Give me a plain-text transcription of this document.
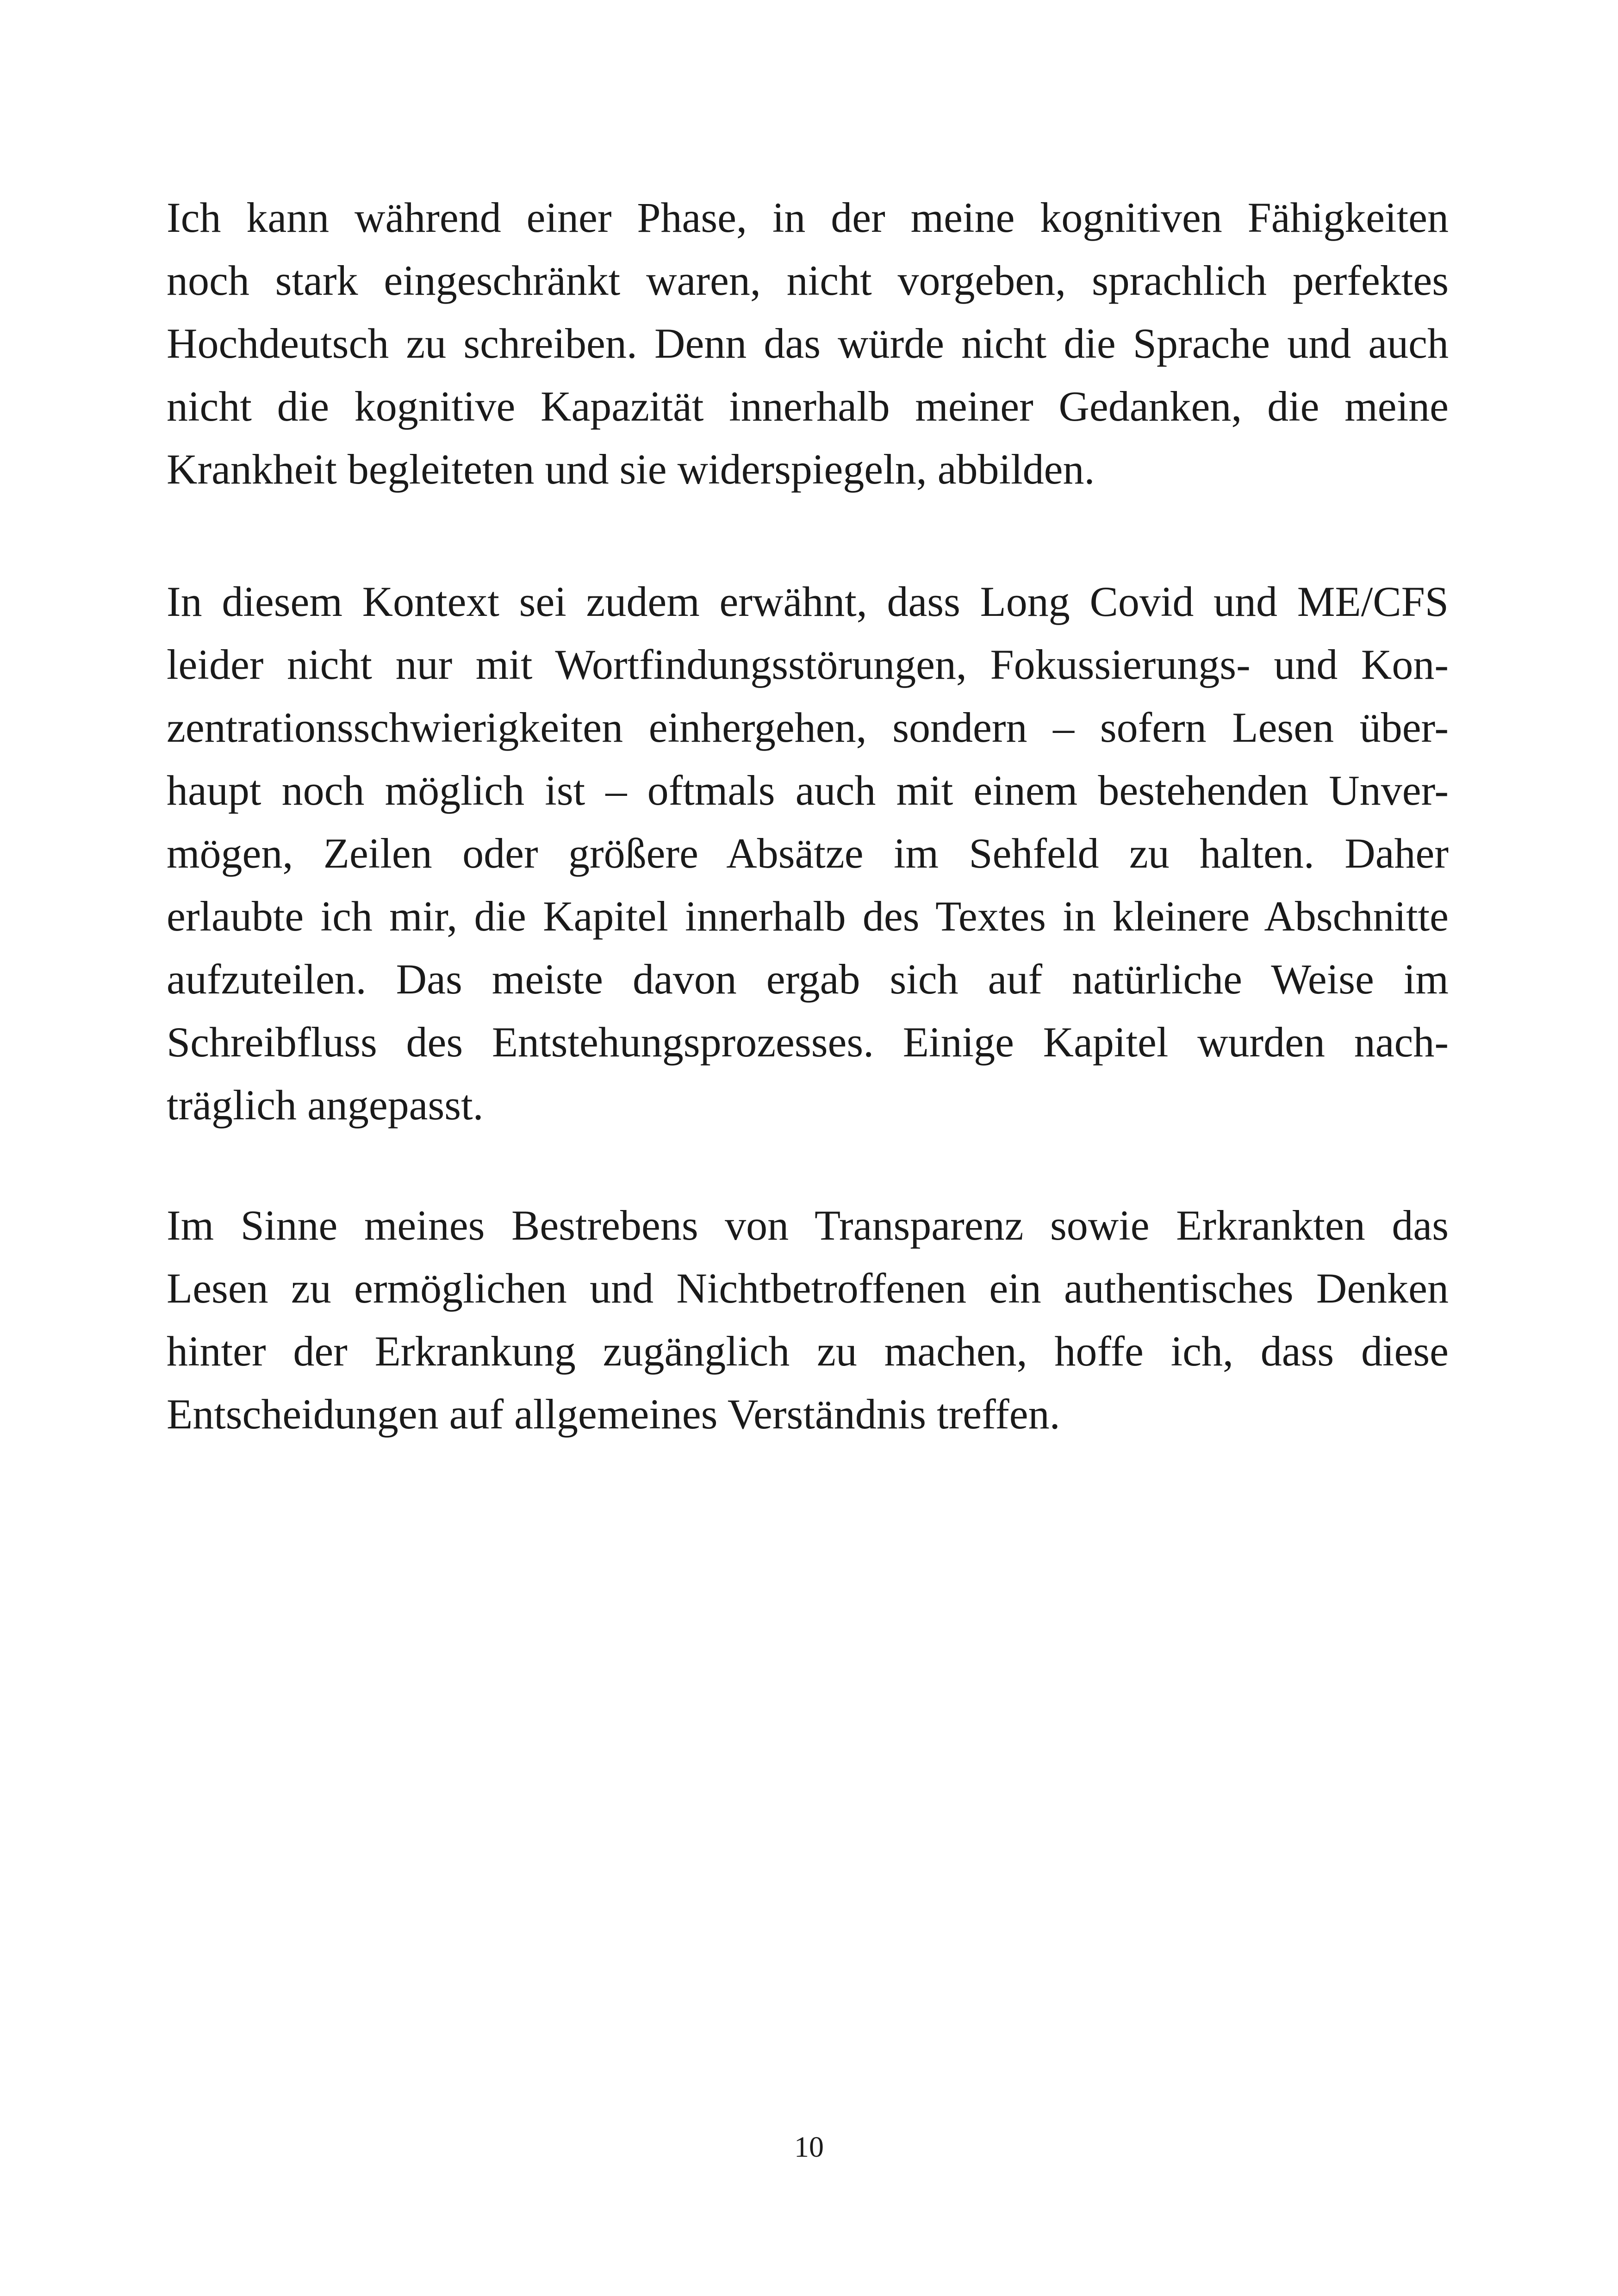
Ich kann während einer Phase, in der meine kognitiven Fähigkeiten
noch stark eingeschränkt waren, nicht vorgeben, sprachlich perfektes
Hochdeutsch zu schreiben. Denn das würde nicht die Sprache und auch
nicht die kognitive Kapazität innerhalb meiner Gedanken, die meine
Krankheit begleiteten und sie widerspiegeln, abbilden.
In diesem Kontext sei zudem erwähnt, dass Long Covid und ME/CFS
leider nicht nur mit Wortfindungsstörungen, Fokussierungs- und Kon-
zentrationsschwierigkeiten einhergehen, sondern – sofern Lesen über-
haupt noch möglich ist – oftmals auch mit einem bestehenden Unver-
mögen, Zeilen oder größere Absätze im Sehfeld zu halten. Daher
erlaubte ich mir, die Kapitel innerhalb des Textes in kleinere Abschnitte
aufzuteilen. Das meiste davon ergab sich auf natürliche Weise im
Schreibfluss des Entstehungsprozesses. Einige Kapitel wurden nach-
träglich angepasst.
Im Sinne meines Bestrebens von Transparenz sowie Erkrankten das
Lesen zu ermöglichen und Nichtbetroffenen ein authentisches Denken
hinter der Erkrankung zugänglich zu machen, hoffe ich, dass diese
Entscheidungen auf allgemeines Verständnis treffen.
10
